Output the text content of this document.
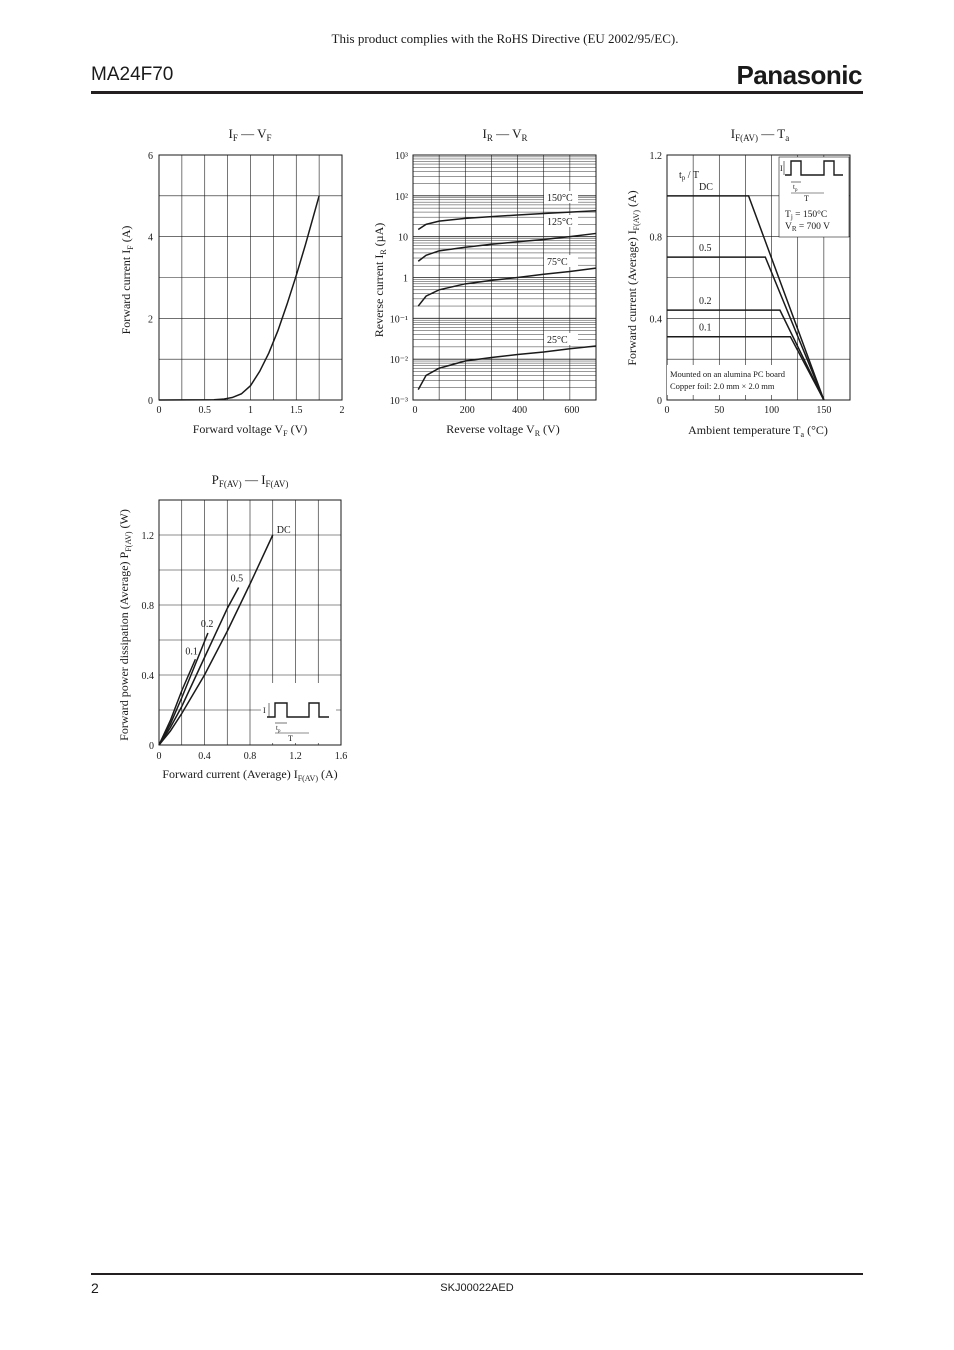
This product complies with the RoHS Directive (EU 2002/95/EC).
MA24F70	Panasonic
$I_F$ — $V_F$
0	0.5	1	1.5	2
0
2
4
6
Forward voltage $V_F$ (V)
Forward current $I_F$ (A)
$I_R$ — $V_R$
0	200	400	600
10⁻³
10⁻²
10⁻¹
1
10
10²
10³
150°C
125°C
75°C
25°C
Reverse voltage $V_R$ (V)
Reverse current $I_R$ (µA)
$I_{F(AV)}$ — $T_a$
0	50	100	150
0
0.4
0.8
1.2
$t_p$ / T
DC
0.5
0.2
0.1
I
$t_p$
T
$T_j = 150^\circ C$
$V_R = 700$ V
Mounted on an alumina PC board
Copper foil: 2.0 mm × 2.0 mm
Ambient temperature $T_a$ (°C)
Forward current (Average) $I_{F(AV)}$ (A)
$P_{F(AV)}$ — $I_{F(AV)}$
0	0.4	0.8	1.2	1.6
0
0.4
0.8
1.2
DC
0.5
0.2
0.1
I
$t_p$
T
Forward current (Average) $I_{F(AV)}$ (A)
Forward power dissipation (Average) $P_{F(AV)}$ (W)
2	SKJ00022AED
